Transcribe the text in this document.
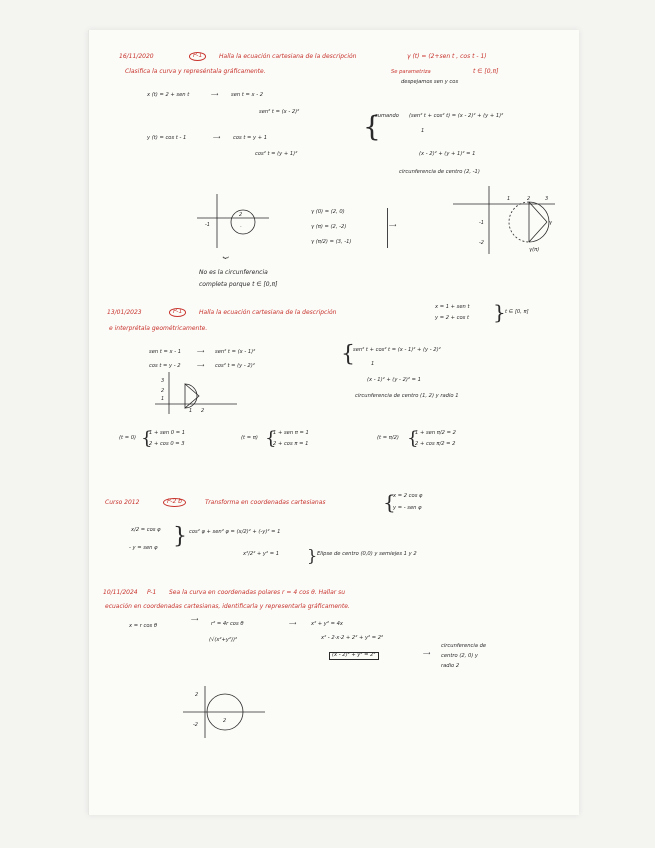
16/11/2020	P-1	Halla la ecuación cartesiana de la descripción	γ (t) = (2+sen t , cos t - 1)
Clasifica la curva y represéntala gráficamente.	Se parametriza	t ∈ [0,π]
despejamos sen y cos
x (t) = 2 + sen t	⟶ sen t = x - 2
sen² t = (x - 2)²
y (t) = cos t - 1	⟶ cos t = y + 1
cos² t = (y + 1)²
{
sumando (sen² t + cos² t) = (x - 2)² + (y + 1)²
1
(x - 2)² + (y + 1)² = 1
circunferencia de centro (2, -1)
-1
2
·
⏟
γ (0) = (2, 0)
γ (π) = (2, -2)
γ (π/2) = (3, -1)
⟶
1	2	3
-1
-2
γ
γ(π)
No es la circunferencia
completa porque t ∈ [0,π]
13/01/2023	P-1	Halla la ecuación cartesiana de la descripción
x = 1 + sen t
y = 2 + cos t } t ∈ [0, π]
e interprétala geométricamente.
sen t = x - 1	⟶ sen² t = (x - 1)²
cos t = y - 2	⟶ cos² t = (y - 2)²	{
sen² t + cos² t = (x - 1)² + (y - 2)²
1
(x - 1)² + (y - 2)² = 1
circunferencia de centro (1, 2) y radio 1
3
2
1
1 2
(t = 0) {
1 + sen 0 = 1
2 + cos 0 = 3
(t = π) {
1 + sen π = 1
2 + cos π = 1
(t = π/2) {
1 + sen π/2 = 2
2 + cos π/2 = 2
Curso 2012	P-2 b	Transforma en coordenadas cartesianas	{
x = 2 cos φ
y = - sen φ
x/2 = cos φ
- y = sen φ } cos² φ + sen² φ = (x/2)² + (-y)² = 1
x²/2² + y² = 1 } Elipse de centro (0,0) y semiejes 1 y 2
10/11/2024 P-1 Sea la curva en coordenadas polares r = 4 cos θ. Hallar su
ecuación en coordenadas cartesianas, identificarla y representarla gráficamente.
x = r cos θ
⟶
r² = 4r cos θ	⟶	x² + y² = 4x
(√(x²+y²))²	x² - 2·x·2 + 2² + y² = 2²
(x - 2)² + y² = 2²	⟶
circunferencia de
centro (2, 0) y
radio 2
2
-2
2
